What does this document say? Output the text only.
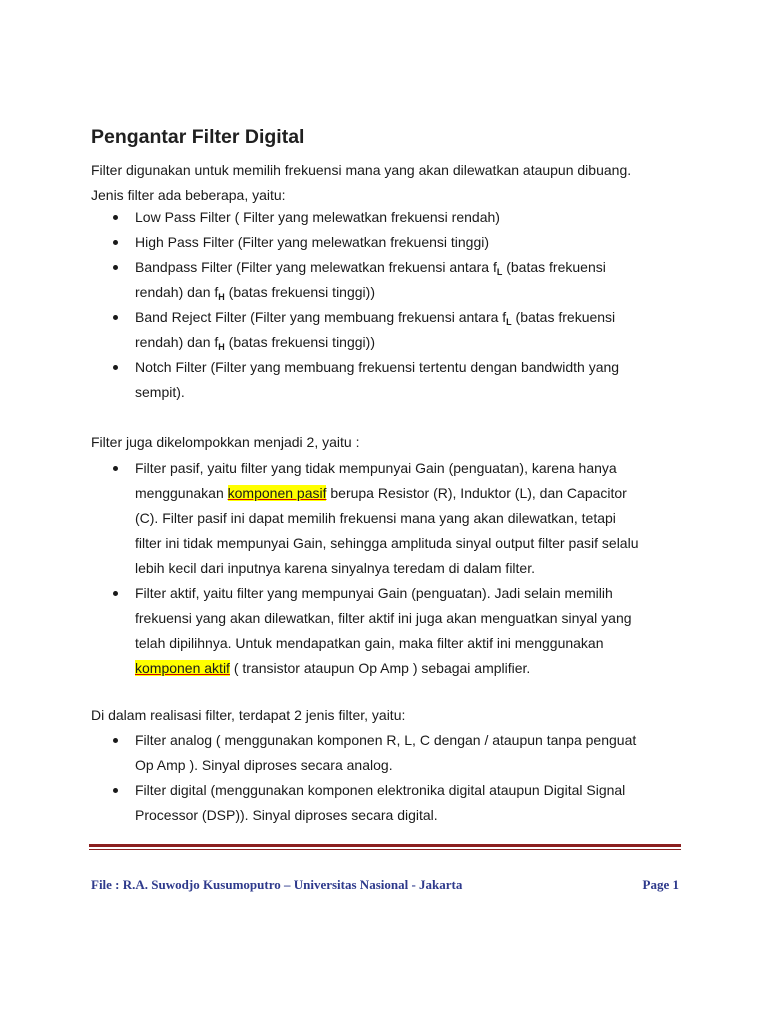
Pengantar Filter Digital
Filter digunakan untuk memilih frekuensi mana yang akan dilewatkan ataupun dibuang.
Jenis filter ada beberapa, yaitu:
Low Pass Filter ( Filter yang melewatkan frekuensi rendah)
High Pass Filter (Filter yang melewatkan frekuensi tinggi)
Bandpass Filter (Filter yang melewatkan frekuensi antara $f_L$ (batas frekuensi
rendah) dan $f_H$ (batas frekuensi tinggi))
Band Reject Filter (Filter yang membuang frekuensi antara $f_L$ (batas frekuensi
rendah) dan $f_H$ (batas frekuensi tinggi))
Notch Filter (Filter yang membuang frekuensi tertentu dengan bandwidth yang
sempit).
Filter juga dikelompokkan menjadi 2, yaitu :
Filter pasif, yaitu filter yang tidak mempunyai Gain (penguatan), karena hanya
menggunakan komponen pasif berupa Resistor (R), Induktor (L), dan Capacitor
(C). Filter pasif ini dapat memilih frekuensi mana yang akan dilewatkan, tetapi
filter ini tidak mempunyai Gain, sehingga amplituda sinyal output filter pasif selalu
lebih kecil dari inputnya karena sinyalnya teredam di dalam filter.
Filter aktif, yaitu filter yang mempunyai Gain (penguatan). Jadi selain memilih
frekuensi yang akan dilewatkan, filter aktif ini juga akan menguatkan sinyal yang
telah dipilihnya. Untuk mendapatkan gain, maka filter aktif ini menggunakan
komponen aktif ( transistor ataupun Op Amp ) sebagai amplifier.
Di dalam realisasi filter, terdapat 2 jenis filter, yaitu:
Filter analog ( menggunakan komponen R, L, C dengan / ataupun tanpa penguat
Op Amp ). Sinyal diproses secara analog.
Filter digital (menggunakan komponen elektronika digital ataupun Digital Signal
Processor (DSP)). Sinyal diproses secara digital.
File : R.A. Suwodjo Kusumoputro – Universitas Nasional - Jakarta	Page 1
